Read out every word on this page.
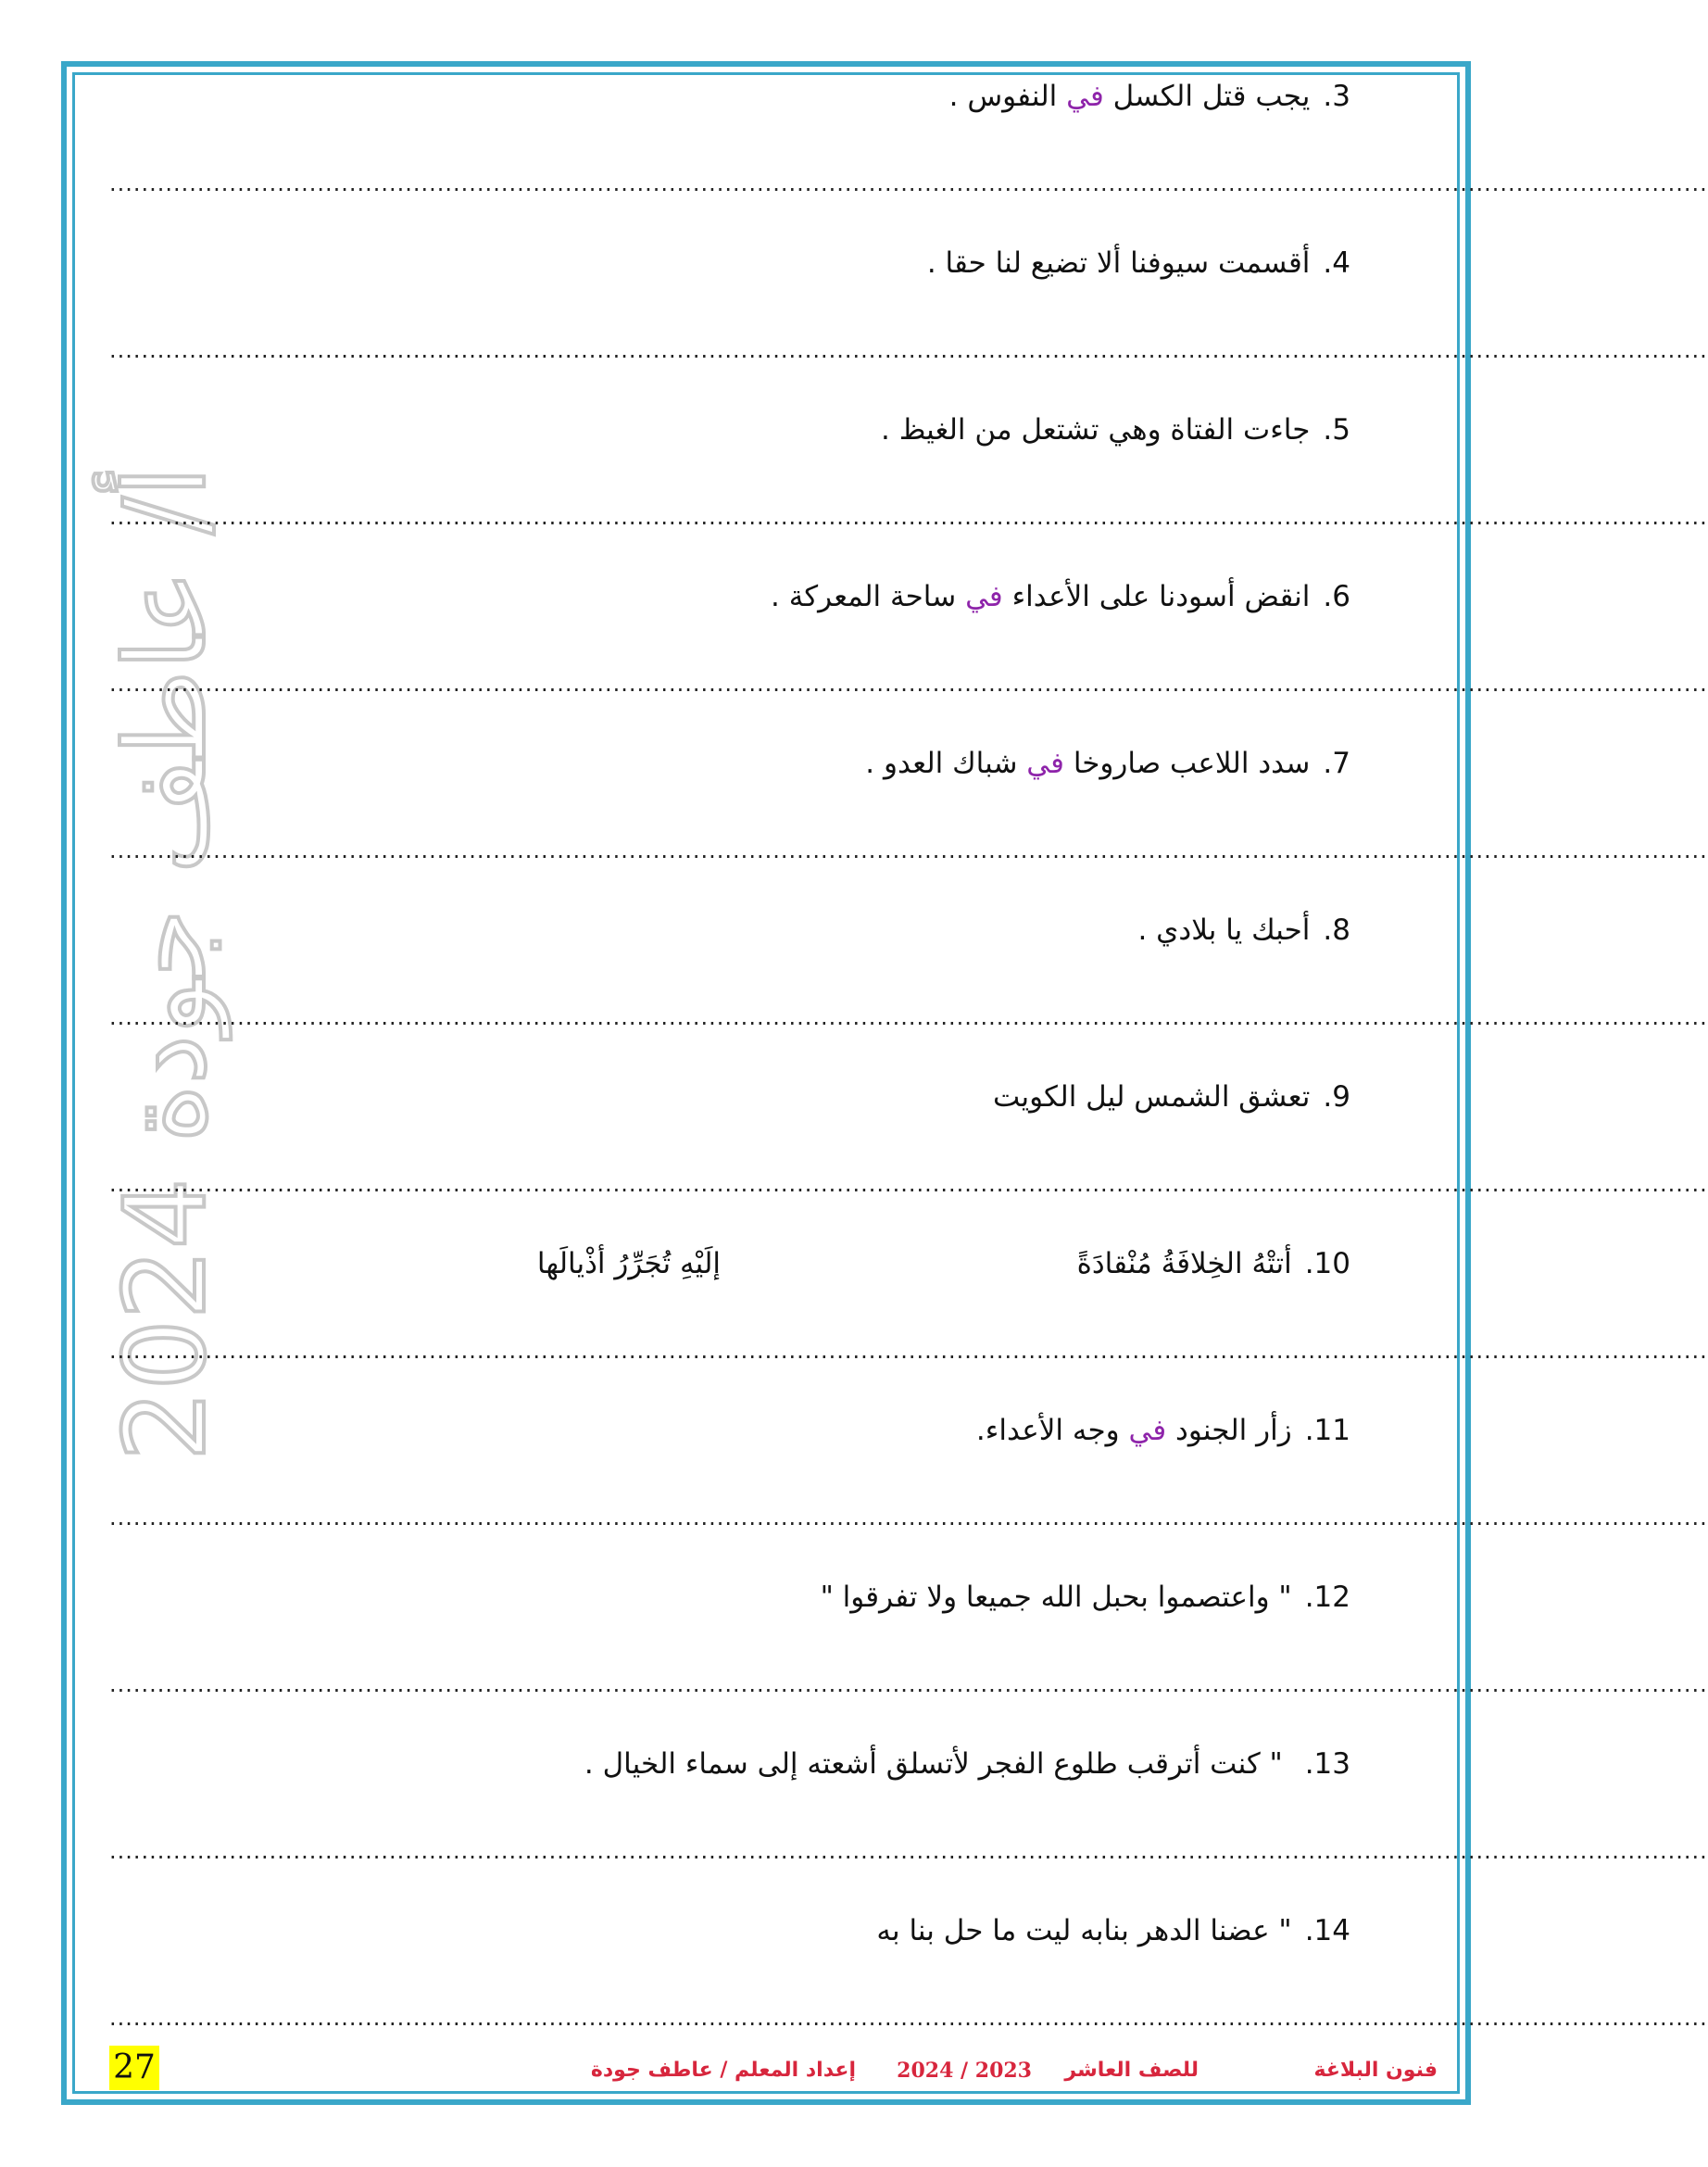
أ/ عاطف جودة 2024
3.يجب قتل الكسل في النفوس .
........................................................................................................................................................................................................
4.أقسمت سيوفنا ألا تضيع لنا حقا .
........................................................................................................................................................................................................
5.جاءت الفتاة وهي تشتعل من الغيظ .
........................................................................................................................................................................................................
6.انقض أسودنا على الأعداء في ساحة المعركة .
........................................................................................................................................................................................................
7.سدد اللاعب صاروخا في شباك العدو .
........................................................................................................................................................................................................
8.أحبك يا بلادي .
........................................................................................................................................................................................................
9.تعشق الشمس ليل الكويت
........................................................................................................................................................................................................
10.أتتْهُ الخِلافَةُ مُنْقادَةً
إلَيْهِ تُجَرِّرُ أذْيالَها
........................................................................................................................................................................................................
11.زأر الجنود في وجه الأعداء.
........................................................................................................................................................................................................
12." واعتصموا بحبل الله جميعا ولا تفرقوا "
........................................................................................................................................................................................................
13. " كنت أترقب طلوع الفجر لأتسلق أشعته إلى سماء الخيال .
........................................................................................................................................................................................................
14." عضنا الدهر بنابه ليت ما حل بنا به
........................................................................................................................................................................................................
فنون البلاغة
للصف العاشر
2024 / 2023
إعداد المعلم / عاطف جودة
27
